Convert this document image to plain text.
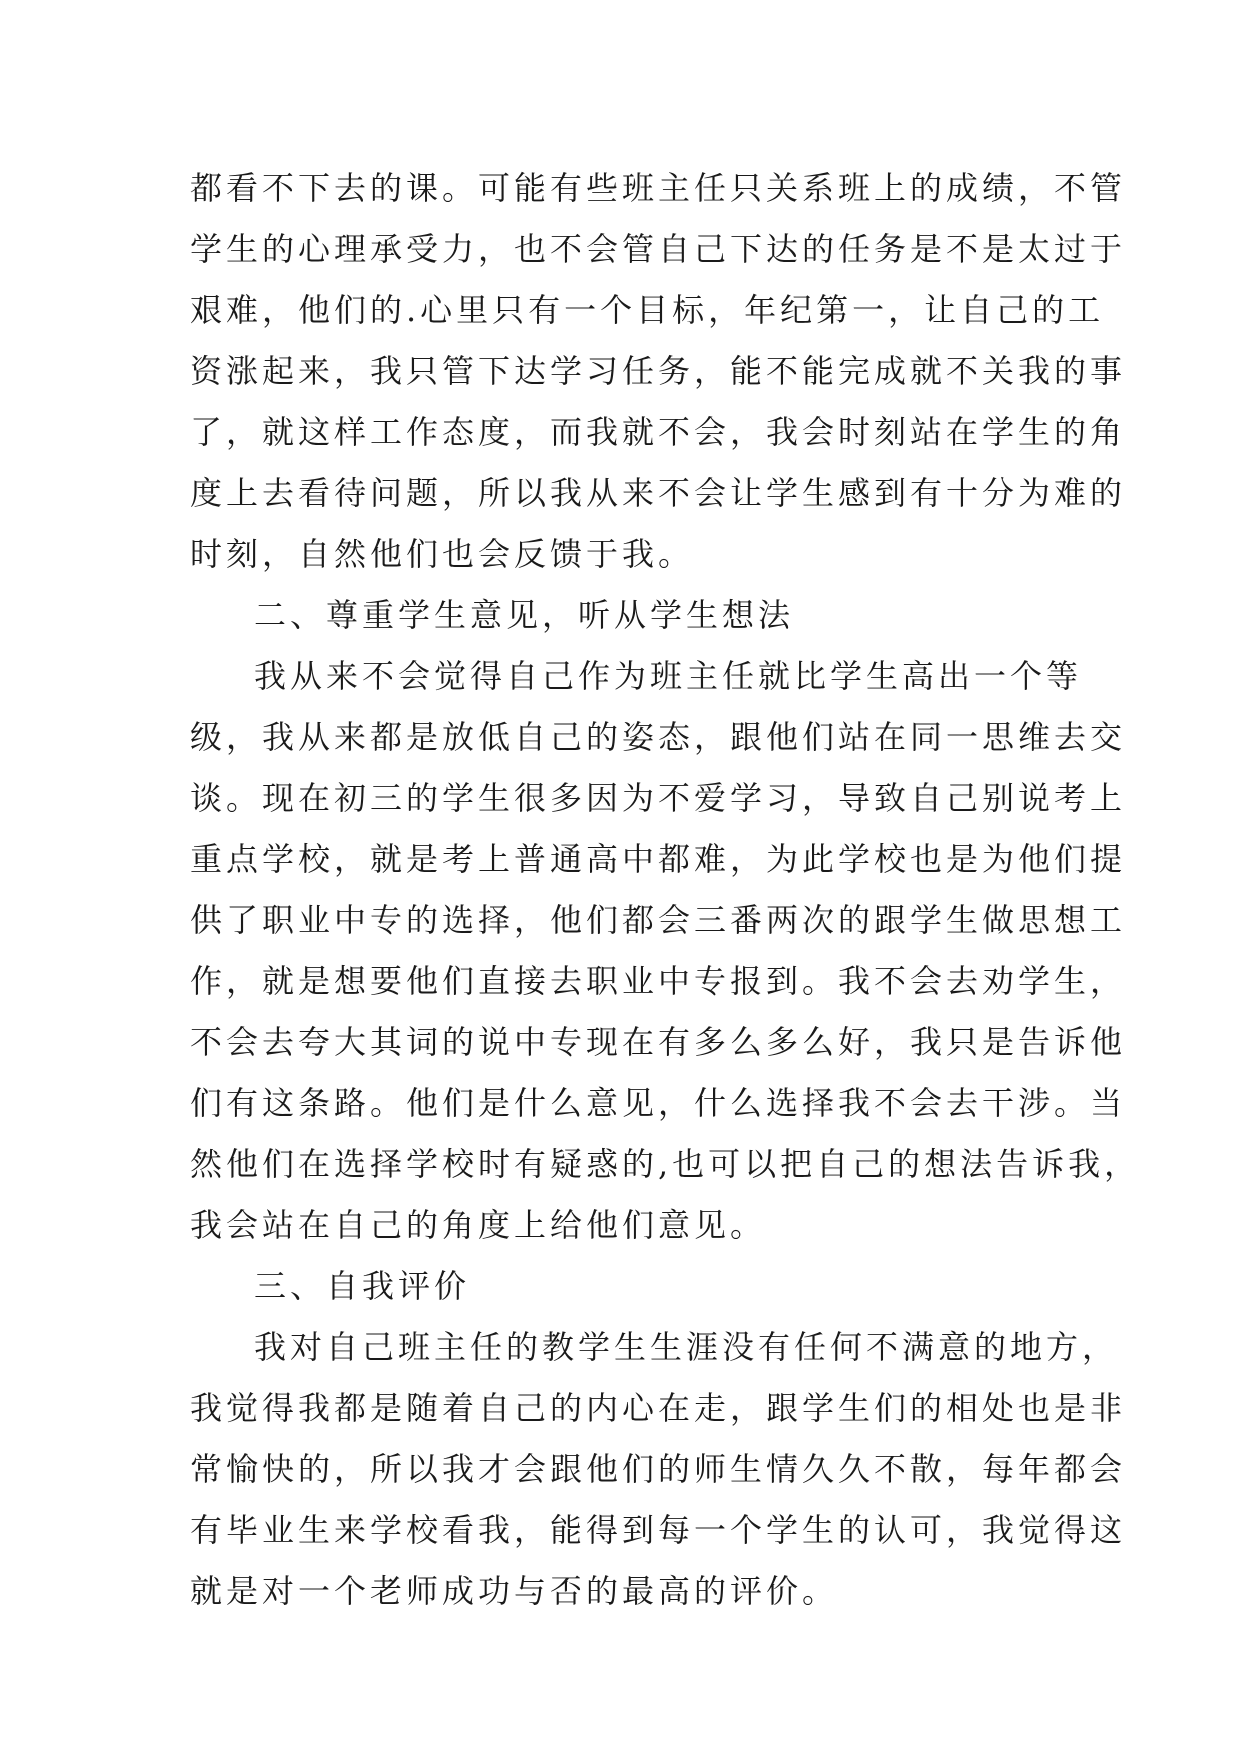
都看不下去的课。可能有些班主任只关系班上的成绩，不管
学生的心理承受力，也不会管自己下达的任务是不是太过于
艰难，他们的.心里只有一个目标，年纪第一，让自己的工
资涨起来，我只管下达学习任务，能不能完成就不关我的事
了，就这样工作态度，而我就不会，我会时刻站在学生的角
度上去看待问题，所以我从来不会让学生感到有十分为难的
时刻，自然他们也会反馈于我。
二、尊重学生意见，听从学生想法
我从来不会觉得自己作为班主任就比学生高出一个等
级，我从来都是放低自己的姿态，跟他们站在同一思维去交
谈。现在初三的学生很多因为不爱学习，导致自己别说考上
重点学校，就是考上普通高中都难，为此学校也是为他们提
供了职业中专的选择，他们都会三番两次的跟学生做思想工
作，就是想要他们直接去职业中专报到。我不会去劝学生，
不会去夸大其词的说中专现在有多么多么好，我只是告诉他
们有这条路。他们是什么意见，什么选择我不会去干涉。当
然他们在选择学校时有疑惑的,也可以把自己的想法告诉我，
我会站在自己的角度上给他们意见。
三、自我评价
我对自己班主任的教学生生涯没有任何不满意的地方，
我觉得我都是随着自己的内心在走，跟学生们的相处也是非
常愉快的，所以我才会跟他们的师生情久久不散，每年都会
有毕业生来学校看我，能得到每一个学生的认可，我觉得这
就是对一个老师成功与否的最高的评价。
